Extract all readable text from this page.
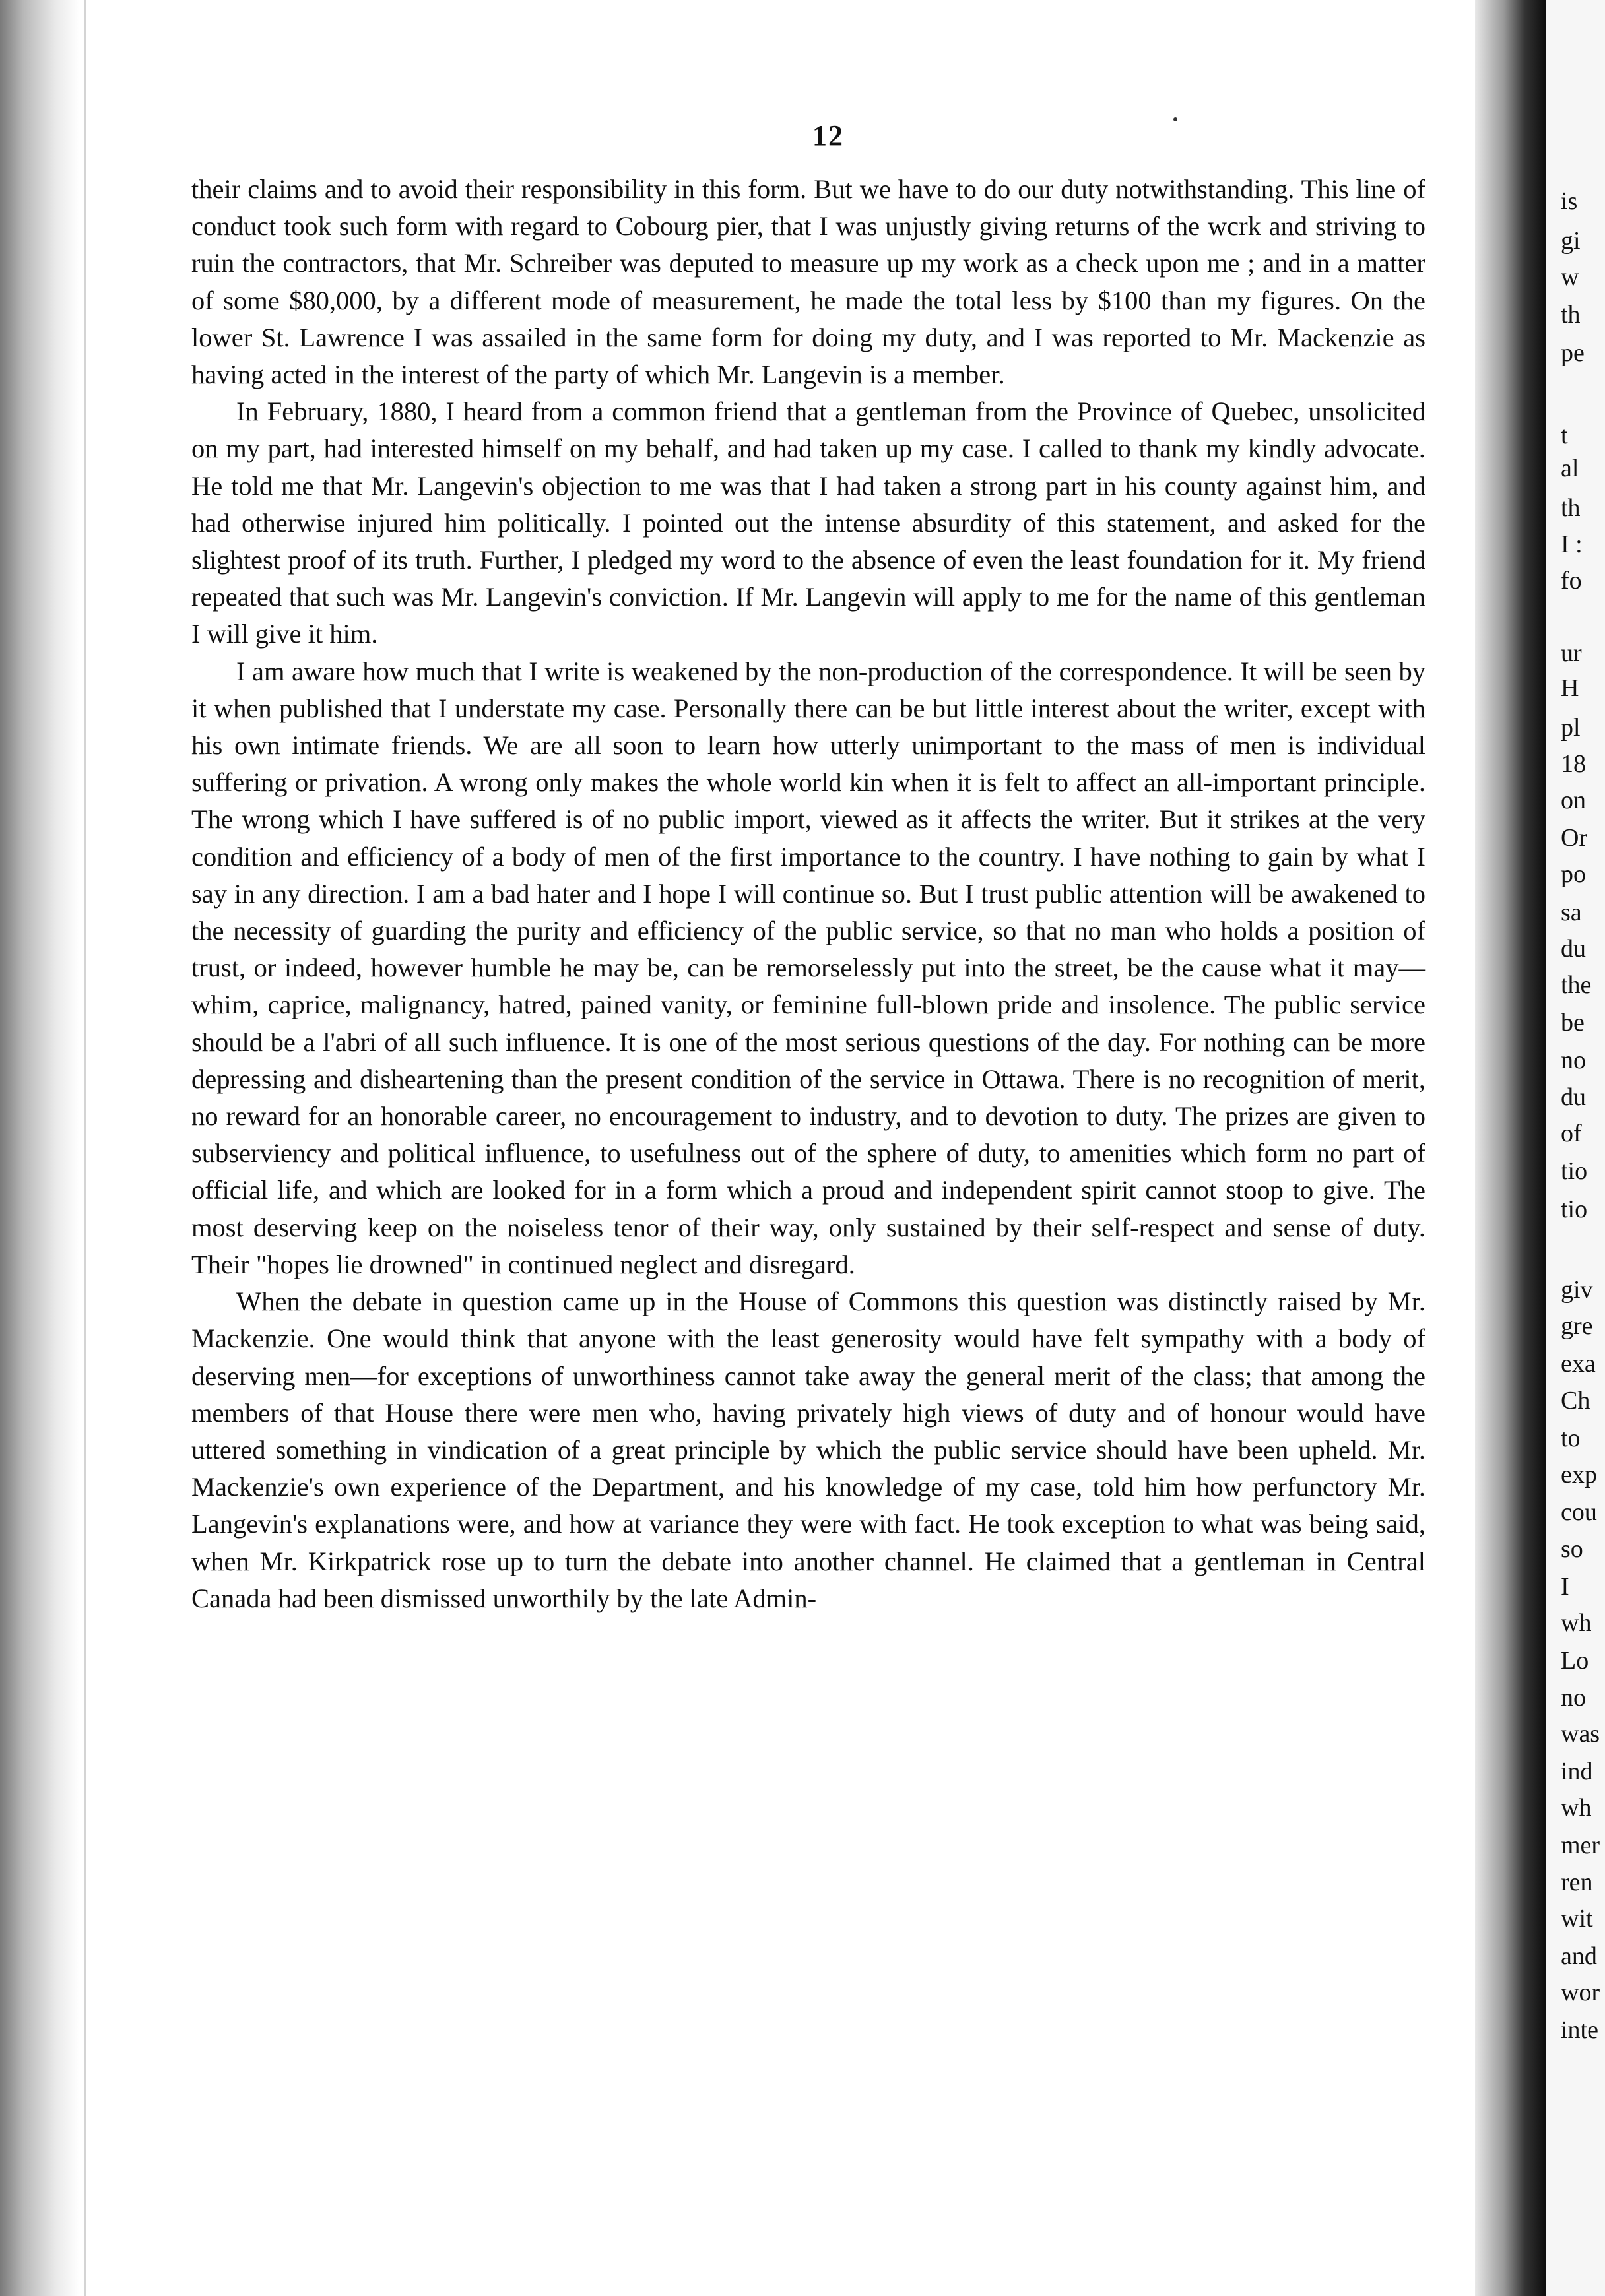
12

their claims and to avoid their responsibility in this form. But we have to do our duty notwithstanding. This line of conduct took such form with regard to Cobourg pier, that I was unjustly giving returns of the wcrk and striving to ruin the contractors, that Mr. Schreiber was deputed to measure up my work as a check upon me ; and in a matter of some $80,000, by a different mode of measurement, he made the total less by $100 than my figures. On the lower St. Lawrence I was assailed in the same form for doing my duty, and I was reported to Mr. Mackenzie as having acted in the interest of the party of which Mr. Langevin is a member.

In February, 1880, I heard from a common friend that a gentleman from the Province of Quebec, unsolicited on my part, had interested himself on my behalf, and had taken up my case. I called to thank my kindly advocate. He told me that Mr. Langevin's objection to me was that I had taken a strong part in his county against him, and had otherwise injured him politically. I pointed out the intense absurdity of this statement, and asked for the slightest proof of its truth. Further, I pledged my word to the absence of even the least foundation for it. My friend repeated that such was Mr. Langevin's conviction. If Mr. Langevin will apply to me for the name of this gentleman I will give it him.

I am aware how much that I write is weakened by the non-production of the correspondence. It will be seen by it when published that I understate my case. Personally there can be but little interest about the writer, except with his own intimate friends. We are all soon to learn how utterly unimportant to the mass of men is individual suffering or privation. A wrong only makes the whole world kin when it is felt to affect an all-important principle. The wrong which I have suffered is of no public import, viewed as it affects the writer. But it strikes at the very condition and efficiency of a body of men of the first importance to the country. I have nothing to gain by what I say in any direction. I am a bad hater and I hope I will continue so. But I trust public attention will be awakened to the necessity of guarding the purity and efficiency of the public service, so that no man who holds a position of trust, or indeed, however humble he may be, can be remorselessly put into the street, be the cause what it may—whim, caprice, malignancy, hatred, pained vanity, or feminine full-blown pride and insolence. The public service should be a l'abri of all such influence. It is one of the most serious questions of the day. For nothing can be more depressing and disheartening than the present condition of the service in Ottawa. There is no recognition of merit, no reward for an honorable career, no encouragement to industry, and to devotion to duty. The prizes are given to subserviency and political influence, to usefulness out of the sphere of duty, to amenities which form no part of official life, and which are looked for in a form which a proud and independent spirit cannot stoop to give. The most deserving keep on the noiseless tenor of their way, only sustained by their self-respect and sense of duty. Their "hopes lie drowned" in continued neglect and disregard.

When the debate in question came up in the House of Commons this question was distinctly raised by Mr. Mackenzie. One would think that anyone with the least generosity would have felt sympathy with a body of deserving men—for exceptions of unworthiness cannot take away the general merit of the class; that among the members of that House there were men who, having privately high views of duty and of honour would have uttered something in vindication of a great principle by which the public service should have been upheld. Mr. Mackenzie's own experience of the Department, and his knowledge of my case, told him how perfunctory Mr. Langevin's explanations were, and how at variance they were with fact. He took exception to what was being said, when Mr. Kirkpatrick rose up to turn the debate into another channel. He claimed that a gentleman in Central Canada had been dismissed unworthily by the late Admin-

is
gi
w
th
pe
t
al
th
I :
fo
ur
H
pl
18
on
Or
po
sa
du
the
be
no
du
of
tio
tio
giv
gre
exa
Ch
to
exp
cou
so
I
wh
Lo
no
was
ind
wh
mer
ren
wit
and
wor
inte
